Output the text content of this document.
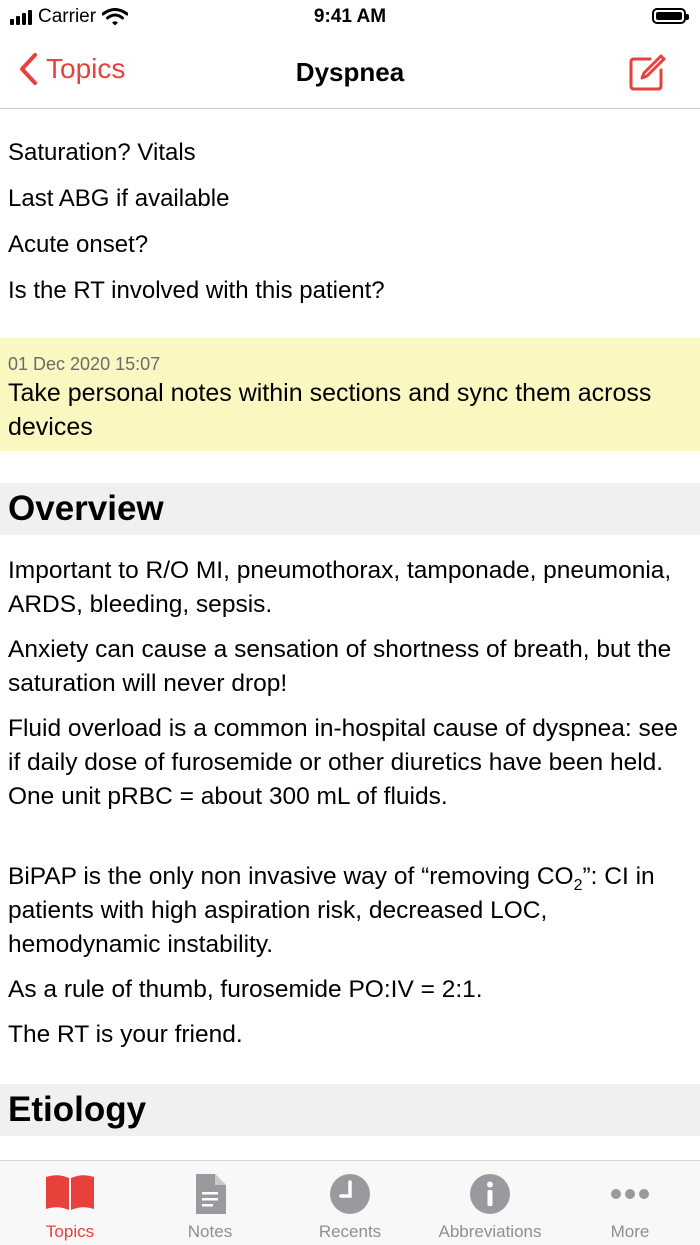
Carrier	9:41 AM
Topics	Dyspnea

Saturation? Vitals

Last ABG if available

Acute onset?

Is the RT involved with this patient?

01 Dec 2020 15:07
Take personal notes within sections and sync them across devices
Overview
Important to R/O MI, pneumothorax, tamponade, pneumonia, ARDS, bleeding, sepsis.
Anxiety can cause a sensation of shortness of breath, but the saturation will never drop!
Fluid overload is a common in-hospital cause of dyspnea: see if daily dose of furosemide or other diuretics have been held. One unit pRBC = about 300 mL of fluids.
BiPAP is the only non invasive way of “removing $CO_2$”: CI in patients with high aspiration risk, decreased LOC, hemodynamic instability.
As a rule of thumb, furosemide PO:IV = 2:1.
The RT is your friend.
Etiology
Topics	Notes	Recents	Abbreviations	More
